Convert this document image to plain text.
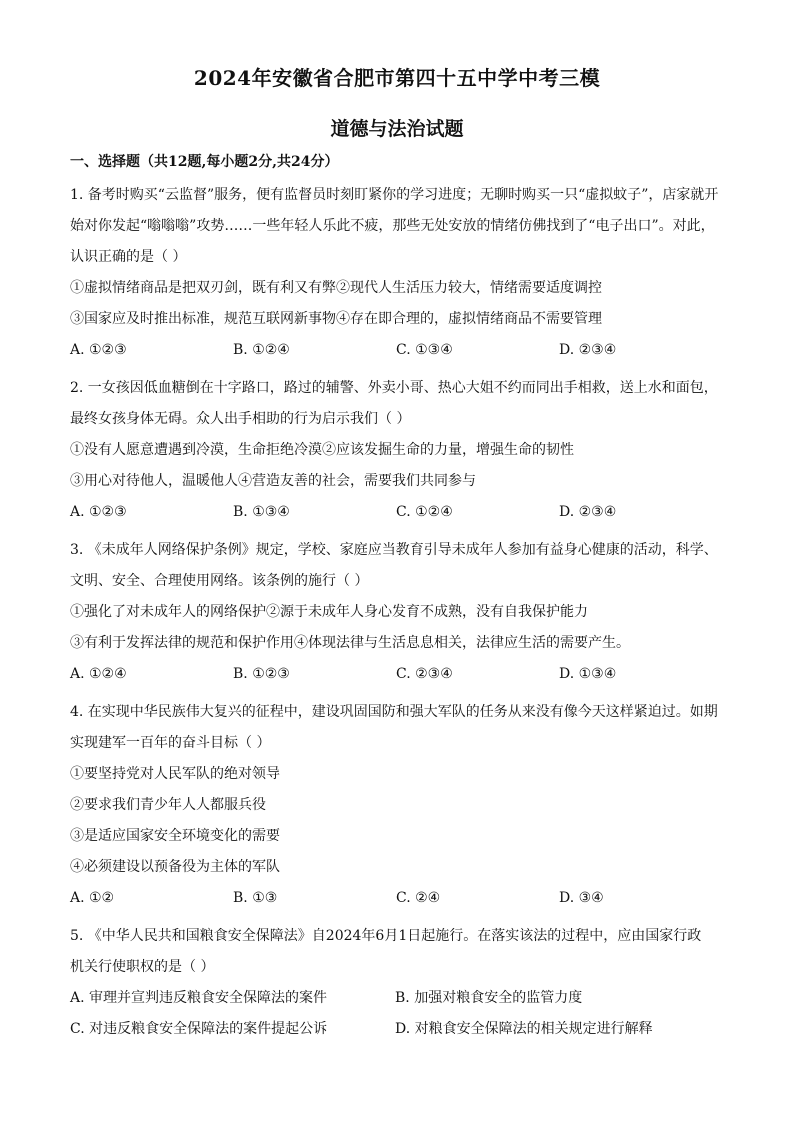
2024年安徽省合肥市第四十五中学中考三模
道德与法治试题
一、选择题（共12题,每小题2分,共24分）
1. 备考时购买“云监督”服务，便有监督员时刻盯紧你的学习进度；无聊时购买一只“虚拟蚊子”，店家就开
始对你发起“嗡嗡嗡”攻势……一些年轻人乐此不疲，那些无处安放的情绪仿佛找到了“电子出口”。对此，
认识正确的是（ ）
①虚拟情绪商品是把双刃剑，既有利又有弊②现代人生活压力较大，情绪需要适度调控
③国家应及时推出标准，规范互联网新事物④存在即合理的，虚拟情绪商品不需要管理
A. ①②③	B. ①②④	C. ①③④	D. ②③④
2. 一女孩因低血糖倒在十字路口，路过的辅警、外卖小哥、热心大姐不约而同出手相救，送上水和面包，
最终女孩身体无碍。众人出手相助的行为启示我们（ ）
①没有人愿意遭遇到冷漠，生命拒绝冷漠②应该发掘生命的力量，增强生命的韧性
③用心对待他人，温暖他人④营造友善的社会，需要我们共同参与
A. ①②③	B. ①③④	C. ①②④	D. ②③④
3. 《未成年人网络保护条例》规定，学校、家庭应当教育引导未成年人参加有益身心健康的活动，科学、
文明、安全、合理使用网络。该条例的施行（ ）
①强化了对未成年人的网络保护②源于未成年人身心发育不成熟，没有自我保护能力
③有利于发挥法律的规范和保护作用④体现法律与生活息息相关，法律应生活的需要产生。
A. ①②④	B. ①②③	C. ②③④	D. ①③④
4. 在实现中华民族伟大复兴的征程中，建设巩固国防和强大军队的任务从来没有像今天这样紧迫过。如期
实现建军一百年的奋斗目标（ ）
①要坚持党对人民军队的绝对领导
②要求我们青少年人人都服兵役
③是适应国家安全环境变化的需要
④必须建设以预备役为主体的军队
A. ①②	B. ①③	C. ②④	D. ③④
5. 《中华人民共和国粮食安全保障法》自2024年6月1日起施行。在落实该法的过程中，应由国家行政
机关行使职权的是（ ）
A. 审理并宣判违反粮食安全保障法的案件	B. 加强对粮食安全的监管力度
C. 对违反粮食安全保障法的案件提起公诉	D. 对粮食安全保障法的相关规定进行解释
